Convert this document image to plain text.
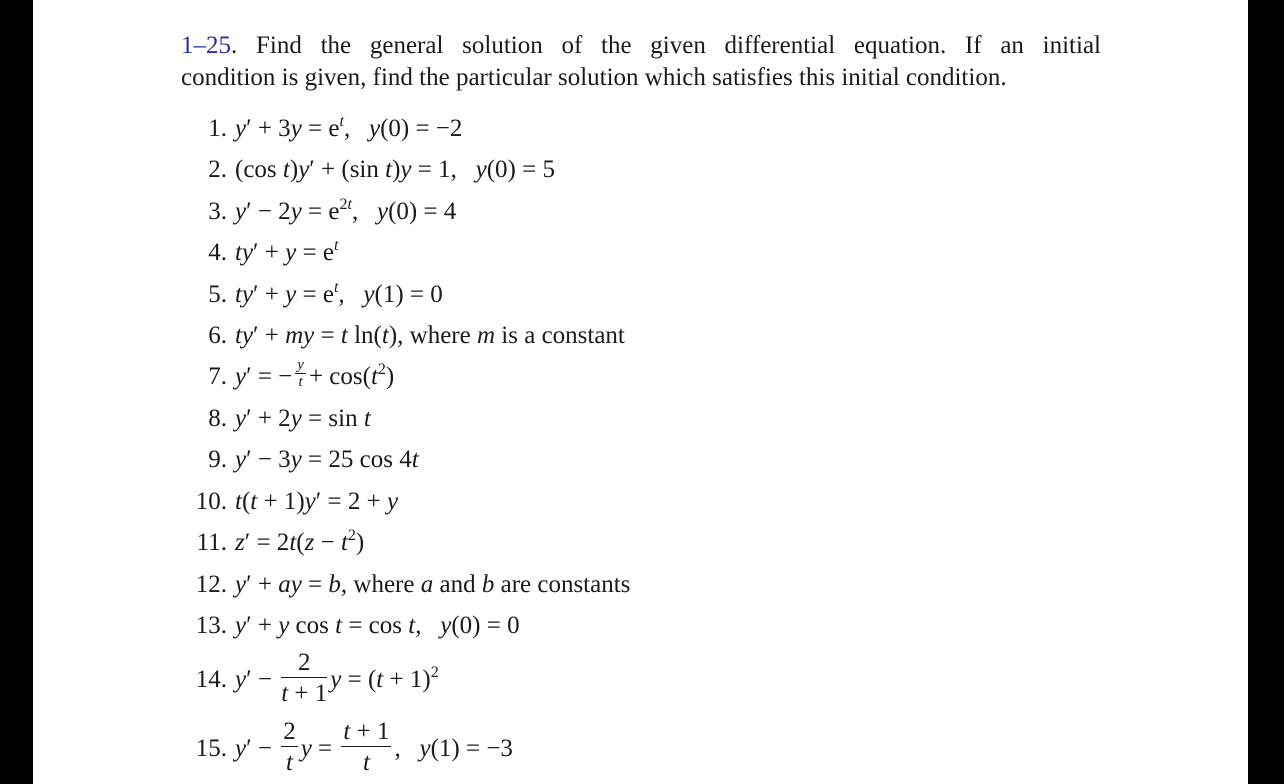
1–25. Find the general solution of the given differential equation. If an initial
condition is given, find the particular solution which satisfies this initial condition.
1. $y' + 3y = e^t$,   y(0) = −2
2. (cos t)y′ + (sin t)y = 1,   y(0) = 5
3. $y' - 2y = e^{2t}$,   y(0) = 4
4. $ty' + y = e^t$
5. $ty' + y = e^t$,   y(1) = 0
6. ty′ + my = t ln(t), where m is a constant
7. y′ = − $\frac{y}{t} + \cos(t^2)$
8. y′ + 2y = sin t
9. y′ − 3y = 25 cos 4t
10. t(t + 1)y′ = 2 + y
11. $z' = 2t(z - t^2)$
12. y′ + ay = b, where a and b are constants
13. y′ + y cos t = cos t,   y(0) = 0
14. $y' - \frac{2}{t + 1}$ $y = (t + 1)^2$
15. $y' - \frac{2}{t}$ $y = \frac{t + 1}{t}$ ,   y(1) = −3
